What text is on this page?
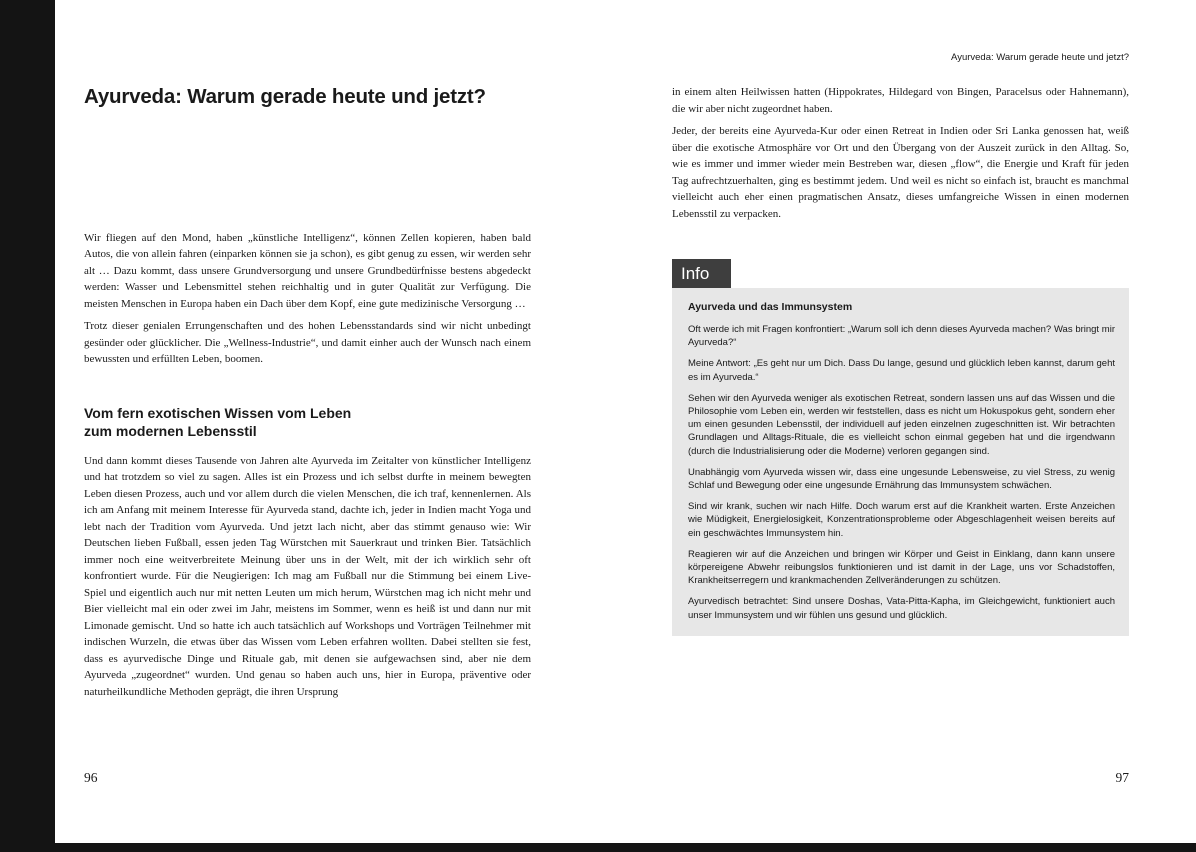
Ayurveda: Warum gerade heute und jetzt?

Wir fliegen auf den Mond, haben „künstliche Intelligenz“, können Zellen kopieren, haben bald Autos, die von allein fahren (einparken können sie ja schon), es gibt genug zu essen, wir werden sehr alt … Dazu kommt, dass unsere Grundversorgung und unsere Grundbedürfnisse bestens abgedeckt werden: Wasser und Lebensmittel stehen reichhaltig und in guter Qualität zur Verfügung. Die meisten Menschen in Europa haben ein Dach über dem Kopf, eine gute medizinische Versorgung …

Trotz dieser genialen Errungenschaften und des hohen Lebensstandards sind wir nicht unbedingt gesünder oder glücklicher. Die „Wellness-Industrie“, und damit einher auch der Wunsch nach einem bewussten und erfüllten Leben, boomen.

Vom fern exotischen Wissen vom Leben
zum modernen Lebensstil

Und dann kommt dieses Tausende von Jahren alte Ayurveda im Zeitalter von künstlicher Intelligenz und hat trotzdem so viel zu sagen. Alles ist ein Prozess und ich selbst durfte in meinem bewegten Leben diesen Prozess, auch und vor allem durch die vielen Menschen, die ich traf, kennenlernen. Als ich am Anfang mit meinem Interesse für Ayurveda stand, dachte ich, jeder in Indien macht Yoga und lebt nach der Tradition vom Ayurveda. Und jetzt lach nicht, aber das stimmt genauso wie: Wir Deutschen lieben Fußball, essen jeden Tag Würstchen mit Sauerkraut und trinken Bier. Tatsächlich immer noch eine weitverbreitete Meinung über uns in der Welt, mit der ich wirklich sehr oft konfrontiert wurde. Für die Neugierigen: Ich mag am Fußball nur die Stimmung bei einem Live-Spiel und eigentlich auch nur mit netten Leuten um mich herum, Würstchen mag ich nicht mehr und Bier vielleicht mal ein oder zwei im Jahr, meistens im Sommer, wenn es heiß ist und dann nur mit Limonade gemischt. Und so hatte ich auch tatsächlich auf Workshops und Vorträgen Teilnehmer mit indischen Wurzeln, die etwas über das Wissen vom Leben erfahren wollten. Dabei stellten sie fest, dass es ayurvedische Dinge und Rituale gab, mit denen sie aufgewachsen sind, aber nie dem Ayurveda „zugeordnet“ wurden. Und genau so haben auch uns, hier in Europa, präventive oder naturheilkundliche Methoden geprägt, die ihren Ursprung

96
Ayurveda: Warum gerade heute und jetzt?

in einem alten Heilwissen hatten (Hippokrates, Hildegard von Bingen, Paracelsus oder Hahnemann), die wir aber nicht zugeordnet haben.

Jeder, der bereits eine Ayurveda-Kur oder einen Retreat in Indien oder Sri Lanka genossen hat, weiß über die exotische Atmosphäre vor Ort und den Übergang von der Auszeit zurück in den Alltag. So, wie es immer und immer wieder mein Bestreben war, diesen „flow“, die Energie und Kraft für jeden Tag aufrechtzuerhalten, ging es bestimmt jedem. Und weil es nicht so einfach ist, braucht es manchmal vielleicht auch eher einen pragmatischen Ansatz, dieses umfangreiche Wissen in einen modernen Lebensstil zu verpacken.

Info
Ayurveda und das Immunsystem

Oft werde ich mit Fragen konfrontiert: „Warum soll ich denn dieses Ayurveda machen? Was bringt mir Ayurveda?“

Meine Antwort: „Es geht nur um Dich. Dass Du lange, gesund und glücklich leben kannst, darum geht es im Ayurveda.“

Sehen wir den Ayurveda weniger als exotischen Retreat, sondern lassen uns auf das Wissen und die Philosophie vom Leben ein, werden wir feststellen, dass es nicht um Hokuspokus geht, sondern eher um einen gesunden Lebensstil, der individuell auf jeden einzelnen zugeschnitten ist. Wir betrachten Grundlagen und Alltags-Rituale, die es vielleicht schon einmal gegeben hat und die irgendwann (durch die Industrialisierung oder die Moderne) verloren gegangen sind.

Unabhängig vom Ayurveda wissen wir, dass eine ungesunde Lebensweise, zu viel Stress, zu wenig Schlaf und Bewegung oder eine ungesunde Ernährung das Immunsystem schwächen.

Sind wir krank, suchen wir nach Hilfe. Doch warum erst auf die Krankheit warten. Erste Anzeichen wie Müdigkeit, Energielosigkeit, Konzentrationsprobleme oder Abgeschlagenheit weisen bereits auf ein geschwächtes Immunsystem hin.

Reagieren wir auf die Anzeichen und bringen wir Körper und Geist in Einklang, dann kann unsere körpereigene Abwehr reibungslos funktionieren und ist damit in der Lage, uns vor Schadstoffen, Krankheitserregern und krankmachenden Zellveränderungen zu schützen.

Ayurvedisch betrachtet: Sind unsere Doshas, Vata-Pitta-Kapha, im Gleichgewicht, funktioniert auch unser Immunsystem und wir fühlen uns gesund und glücklich.

97
